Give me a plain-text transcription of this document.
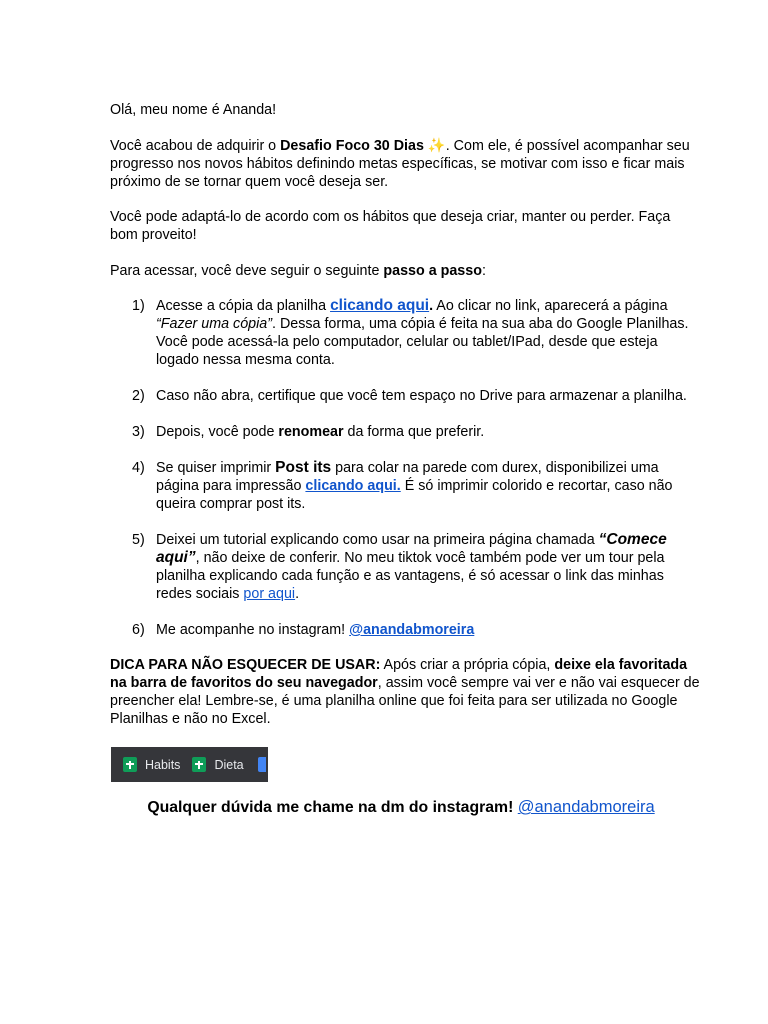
Olá, meu nome é Ananda!

Você acabou de adquirir o Desafio Foco 30 Dias ✨. Com ele, é possível acompanhar seu progresso nos novos hábitos definindo metas específicas, se motivar com isso e ficar mais próximo de se tornar quem você deseja ser.

Você pode adaptá-lo de acordo com os hábitos que deseja criar, manter ou perder. Faça bom proveito!

Para acessar, você deve seguir o seguinte passo a passo:

1) Acesse a cópia da planilha clicando aqui. Ao clicar no link, aparecerá a página “Fazer uma cópia”. Dessa forma, uma cópia é feita na sua aba do Google Planilhas. Você pode acessá-la pelo computador, celular ou tablet/IPad, desde que esteja logado nessa mesma conta.
2) Caso não abra, certifique que você tem espaço no Drive para armazenar a planilha.
3) Depois, você pode renomear da forma que preferir.
4) Se quiser imprimir Post its para colar na parede com durex, disponibilizei uma página para impressão clicando aqui. É só imprimir colorido e recortar, caso não queira comprar post its.
5) Deixei um tutorial explicando como usar na primeira página chamada “Comece aqui”, não deixe de conferir. No meu tiktok você também pode ver um tour pela planilha explicando cada função e as vantagens, é só acessar o link das minhas redes sociais por aqui.
6) Me acompanhe no instagram! @anandabmoreira

DICA PARA NÃO ESQUECER DE USAR: Após criar a própria cópia, deixe ela favoritada na barra de favoritos do seu navegador, assim você sempre vai ver e não vai esquecer de preencher ela! Lembre-se, é uma planilha online que foi feita para ser utilizada no Google Planilhas e não no Excel.

Habits	Dieta

Qualquer dúvida me chame na dm do instagram! @anandabmoreira
